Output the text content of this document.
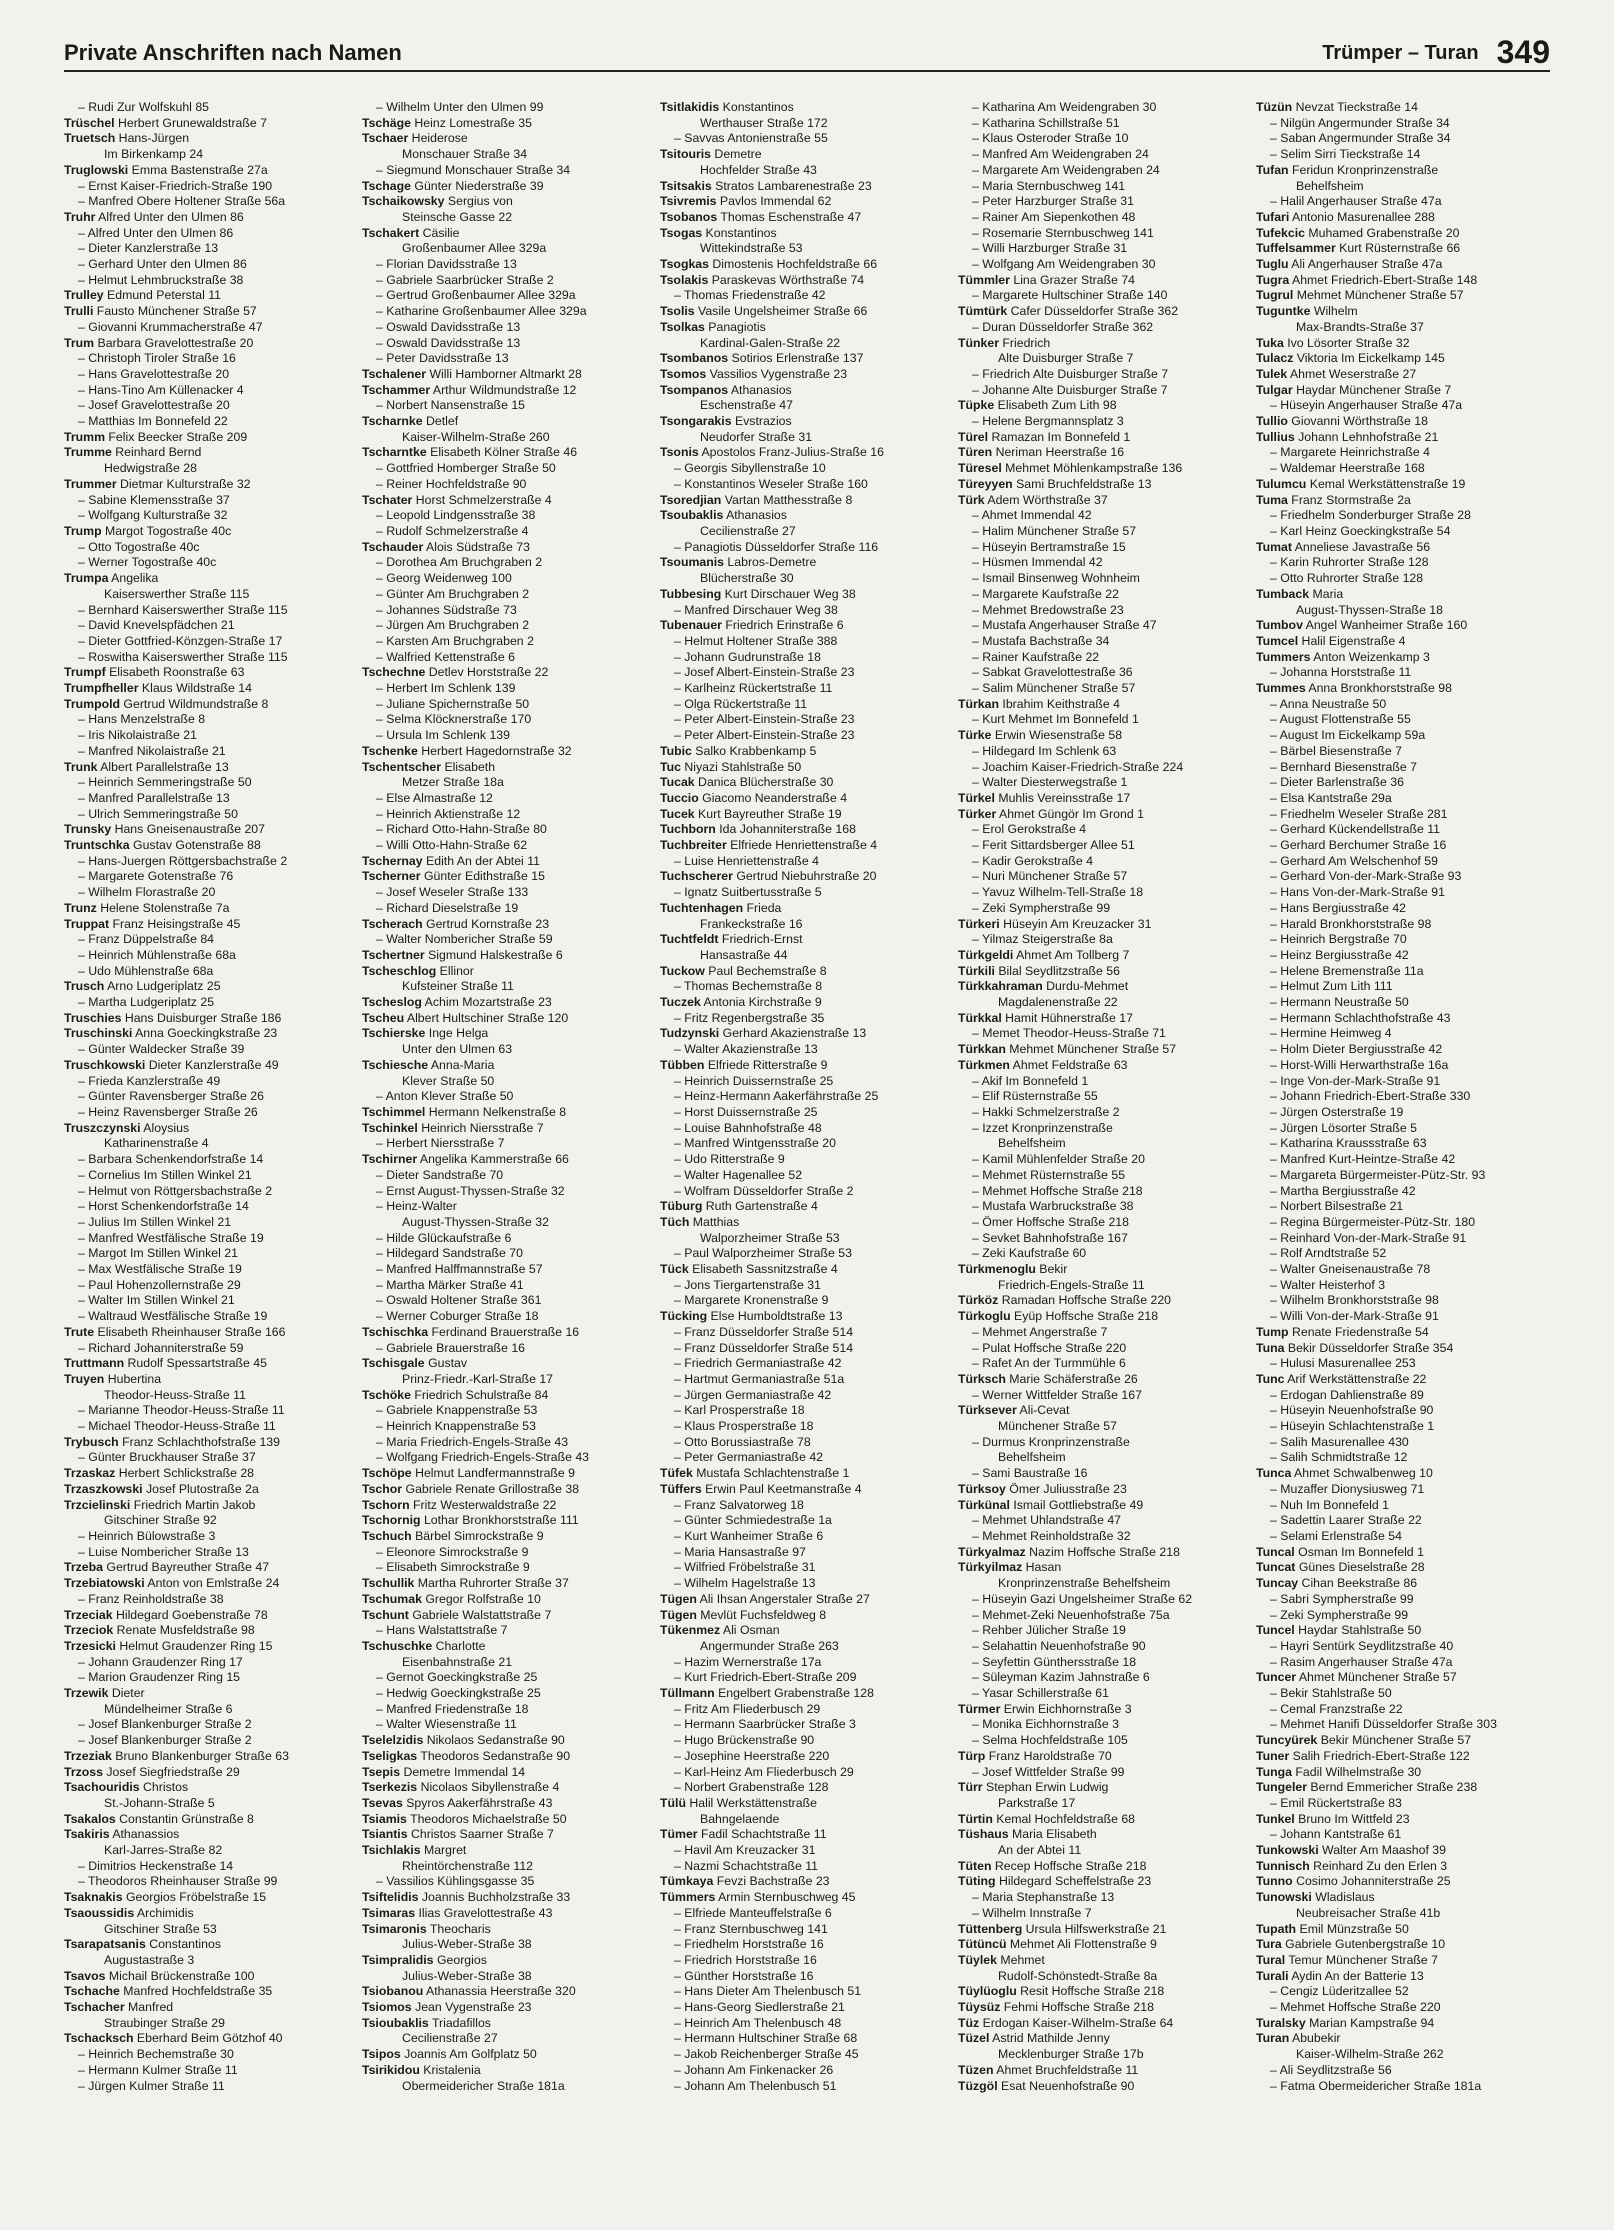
Private Anschriften nach Namen	Trümper – Turan 349
– Rudi Zur Wolfskuhl 85
Trüschel Herbert Grunewaldstraße 7
Truetsch Hans-Jürgen
Im Birkenkamp 24
Truglowski Emma Bastenstraße 27a
– Ernst Kaiser-Friedrich-Straße 190
– Manfred Obere Holtener Straße 56a
Truhr Alfred Unter den Ulmen 86
– Alfred Unter den Ulmen 86
– Dieter Kanzlerstraße 13
– Gerhard Unter den Ulmen 86
– Helmut Lehmbruckstraße 38
Trulley Edmund Peterstal 11
Trulli Fausto Münchener Straße 57
– Giovanni Krummacherstraße 47
Trum Barbara Gravelottestraße 20
– Christoph Tiroler Straße 16
– Hans Gravelottestraße 20
– Hans-Tino Am Küllenacker 4
– Josef Gravelottestraße 20
– Matthias Im Bonnefeld 22
Trumm Felix Beecker Straße 209
Trumme Reinhard Bernd
Hedwigstraße 28
Trummer Dietmar Kulturstraße 32
– Sabine Klemensstraße 37
– Wolfgang Kulturstraße 32
Trump Margot Togostraße 40c
– Otto Togostraße 40c
– Werner Togostraße 40c
Trumpa Angelika
Kaiserswerther Straße 115
– Bernhard Kaiserswerther Straße 115
– David Knevelspfädchen 21
– Dieter Gottfried-Könzgen-Straße 17
– Roswitha Kaiserswerther Straße 115
Trumpf Elisabeth Roonstraße 63
Trumpfheller Klaus Wildstraße 14
Trumpold Gertrud Wildmundstraße 8
– Hans Menzelstraße 8
– Iris Nikolaistraße 21
– Manfred Nikolaistraße 21
Trunk Albert Parallelstraße 13
– Heinrich Semmeringstraße 50
– Manfred Parallelstraße 13
– Ulrich Semmeringstraße 50
Trunsky Hans Gneisenaustraße 207
Truntschka Gustav Gotenstraße 88
– Hans-Juergen Röttgersbachstraße 2
– Margarete Gotenstraße 76
– Wilhelm Florastraße 20
Trunz Helene Stolenstraße 7a
Truppat Franz Heisingstraße 45
– Franz Düppelstraße 84
– Heinrich Mühlenstraße 68a
– Udo Mühlenstraße 68a
Trusch Arno Ludgeriplatz 25
– Martha Ludgeriplatz 25
Truschies Hans Duisburger Straße 186
Truschinski Anna Goeckingkstraße 23
– Günter Waldecker Straße 39
Truschkowski Dieter Kanzlerstraße 49
– Frieda Kanzlerstraße 49
– Günter Ravensberger Straße 26
– Heinz Ravensberger Straße 26
Truszczynski Aloysius
Katharinenstraße 4
– Barbara Schenkendorfstraße 14
– Cornelius Im Stillen Winkel 21
– Helmut von Röttgersbachstraße 2
– Horst Schenkendorfstraße 14
– Julius Im Stillen Winkel 21
– Manfred Westfälische Straße 19
– Margot Im Stillen Winkel 21
– Max Westfälische Straße 19
– Paul Hohenzollernstraße 29
– Walter Im Stillen Winkel 21
– Waltraud Westfälische Straße 19
Trute Elisabeth Rheinhauser Straße 166
– Richard Johanniterstraße 59
Truttmann Rudolf Spessartstraße 45
Truyen Hubertina
Theodor-Heuss-Straße 11
– Marianne Theodor-Heuss-Straße 11
– Michael Theodor-Heuss-Straße 11
Trybusch Franz Schlachthofstraße 139
– Günter Bruckhauser Straße 37
Trzaskaz Herbert Schlickstraße 28
Trzaszkowski Josef Plutostraße 2a
Trzcielinski Friedrich Martin Jakob
Gitschiner Straße 92
– Heinrich Bülowstraße 3
– Luise Nombericher Straße 13
Trzeba Gertrud Bayreuther Straße 47
Trzebiatowski Anton von Emlstraße 24
– Franz Reinholdstraße 38
Trzeciak Hildegard Goebenstraße 78
Trzeciok Renate Musfeldstraße 98
Trzesicki Helmut Graudenzer Ring 15
– Johann Graudenzer Ring 17
– Marion Graudenzer Ring 15
Trzewik Dieter
Mündelheimer Straße 6
– Josef Blankenburger Straße 2
– Josef Blankenburger Straße 2
Trzeziak Bruno Blankenburger Straße 63
Trzoss Josef Siegfriedstraße 29
Tsachouridis Christos
St.-Johann-Straße 5
Tsakalos Constantin Grünstraße 8
Tsakiris Athanassios
Karl-Jarres-Straße 82
– Dimitrios Heckenstraße 14
– Theodoros Rheinhauser Straße 99
Tsaknakis Georgios Fröbelstraße 15
Tsaoussidis Archimidis
Gitschiner Straße 53
Tsarapatsanis Constantinos
Augustastraße 3
Tsavos Michail Brückenstraße 100
Tschache Manfred Hochfeldstraße 35
Tschacher Manfred
Straubinger Straße 29
Tschacksch Eberhard Beim Götzhof 40
– Heinrich Bechemstraße 30
– Hermann Kulmer Straße 11
– Jürgen Kulmer Straße 11
– Wilhelm Unter den Ulmen 99
Tschäge Heinz Lomestraße 35
Tschaer Heiderose
Monschauer Straße 34
– Siegmund Monschauer Straße 34
Tschage Günter Niederstraße 39
Tschaikowsky Sergius von
Steinsche Gasse 22
Tschakert Cäsilie
Großenbaumer Allee 329a
– Florian Davidsstraße 13
– Gabriele Saarbrücker Straße 2
– Gertrud Großenbaumer Allee 329a
– Katharine Großenbaumer Allee 329a
– Oswald Davidsstraße 13
– Oswald Davidsstraße 13
– Peter Davidsstraße 13
Tschalener Willi Hamborner Altmarkt 28
Tschammer Arthur Wildmundstraße 12
– Norbert Nansenstraße 15
Tscharnke Detlef
Kaiser-Wilhelm-Straße 260
Tscharntke Elisabeth Kölner Straße 46
– Gottfried Homberger Straße 50
– Reiner Hochfeldstraße 90
Tschater Horst Schmelzerstraße 4
– Leopold Lindgensstraße 38
– Rudolf Schmelzerstraße 4
Tschauder Alois Südstraße 73
– Dorothea Am Bruchgraben 2
– Georg Weidenweg 100
– Günter Am Bruchgraben 2
– Johannes Südstraße 73
– Jürgen Am Bruchgraben 2
– Karsten Am Bruchgraben 2
– Walfried Kettenstraße 6
Tschechne Detlev Horststraße 22
– Herbert Im Schlenk 139
– Juliane Spichernstraße 50
– Selma Klöcknerstraße 170
– Ursula Im Schlenk 139
Tschenke Herbert Hagedornstraße 32
Tschentscher Elisabeth
Metzer Straße 18a
– Else Almastraße 12
– Heinrich Aktienstraße 12
– Richard Otto-Hahn-Straße 80
– Willi Otto-Hahn-Straße 62
Tschernay Edith An der Abtei 11
Tscherner Günter Edithstraße 15
– Josef Weseler Straße 133
– Richard Dieselstraße 19
Tscherach Gertrud Kornstraße 23
– Walter Nombericher Straße 59
Tschertner Sigmund Halskestraße 6
Tscheschlog Ellinor
Kufsteiner Straße 11
Tscheslog Achim Mozartstraße 23
Tscheu Albert Hultschiner Straße 120
Tschierske Inge Helga
Unter den Ulmen 63
Tschiesche Anna-Maria
Klever Straße 50
– Anton Klever Straße 50
Tschimmel Hermann Nelkenstraße 8
Tschinkel Heinrich Niersstraße 7
– Herbert Niersstraße 7
Tschirner Angelika Kammerstraße 66
– Dieter Sandstraße 70
– Ernst August-Thyssen-Straße 32
– Heinz-Walter
August-Thyssen-Straße 32
– Hilde Glückaufstraße 6
– Hildegard Sandstraße 70
– Manfred Halffmannstraße 57
– Martha Märker Straße 41
– Oswald Holtener Straße 361
– Werner Coburger Straße 18
Tschischka Ferdinand Brauerstraße 16
– Gabriele Brauerstraße 16
Tschisgale Gustav
Prinz-Friedr.-Karl-Straße 17
Tschöke Friedrich Schulstraße 84
– Gabriele Knappenstraße 53
– Heinrich Knappenstraße 53
– Maria Friedrich-Engels-Straße 43
– Wolfgang Friedrich-Engels-Straße 43
Tschöpe Helmut Landfermannstraße 9
Tschor Gabriele Renate Grillostraße 38
Tschorn Fritz Westerwaldstraße 22
Tschornig Lothar Bronkhorststraße 111
Tschuch Bärbel Simrockstraße 9
– Eleonore Simrockstraße 9
– Elisabeth Simrockstraße 9
Tschullik Martha Ruhrorter Straße 37
Tschumak Gregor Rolfstraße 10
Tschunt Gabriele Walstattstraße 7
– Hans Walstattstraße 7
Tschuschke Charlotte
Eisenbahnstraße 21
– Gernot Goeckingkstraße 25
– Hedwig Goeckingkstraße 25
– Manfred Friedenstraße 18
– Walter Wiesenstraße 11
Tselelzidis Nikolaos Sedanstraße 90
Tseligkas Theodoros Sedanstraße 90
Tsepis Demetre Immendal 14
Tserkezis Nicolaos Sibyllenstraße 4
Tsevas Spyros Aakerfährstraße 43
Tsiamis Theodoros Michaelstraße 50
Tsiantis Christos Saarner Straße 7
Tsichlakis Margret
Rheintörchenstraße 112
– Vassilios Kühlingsgasse 35
Tsiftelidis Joannis Buchholzstraße 33
Tsimaras Ilias Gravelottestraße 43
Tsimaronis Theocharis
Julius-Weber-Straße 38
Tsimpralidis Georgios
Julius-Weber-Straße 38
Tsiobanou Athanassia Heerstraße 320
Tsiomos Jean Vygenstraße 23
Tsioubaklis Triadafillos
Cecilienstraße 27
Tsipos Joannis Am Golfplatz 50
Tsirikidou Kristalenia
Obermeidericher Straße 181a
Tsitlakidis Konstantinos
Werthauser Straße 172
– Savvas Antonienstraße 55
Tsitouris Demetre
Hochfelder Straße 43
Tsitsakis Stratos Lambarenestraße 23
Tsivremis Pavlos Immendal 62
Tsobanos Thomas Eschenstraße 47
Tsogas Konstantinos
Wittekindstraße 53
Tsogkas Dimostenis Hochfeldstraße 66
Tsolakis Paraskevas Wörthstraße 74
– Thomas Friedenstraße 42
Tsolis Vasile Ungelsheimer Straße 66
Tsolkas Panagiotis
Kardinal-Galen-Straße 22
Tsombanos Sotirios Erlenstraße 137
Tsomos Vassilios Vygenstraße 23
Tsompanos Athanasios
Eschenstraße 47
Tsongarakis Evstrazios
Neudorfer Straße 31
Tsonis Apostolos Franz-Julius-Straße 16
– Georgis Sibyllenstraße 10
– Konstantinos Weseler Straße 160
Tsoredjian Vartan Matthesstraße 8
Tsoubaklis Athanasios
Cecilienstraße 27
– Panagiotis Düsseldorfer Straße 116
Tsoumanis Labros-Demetre
Blücherstraße 30
Tubbesing Kurt Dirschauer Weg 38
– Manfred Dirschauer Weg 38
Tubenauer Friedrich Erinstraße 6
– Helmut Holtener Straße 388
– Johann Gudrunstraße 18
– Josef Albert-Einstein-Straße 23
– Karlheinz Rückertstraße 11
– Olga Rückertstraße 11
– Peter Albert-Einstein-Straße 23
– Peter Albert-Einstein-Straße 23
Tubic Salko Krabbenkamp 5
Tuc Niyazi Stahlstraße 50
Tucak Danica Blücherstraße 30
Tuccio Giacomo Neanderstraße 4
Tucek Kurt Bayreuther Straße 19
Tuchborn Ida Johanniterstraße 168
Tuchbreiter Elfriede Henriettenstraße 4
– Luise Henriettenstraße 4
Tuchscherer Gertrud Niebuhrstraße 20
– Ignatz Suitbertusstraße 5
Tuchtenhagen Frieda
Frankeckstraße 16
Tuchtfeldt Friedrich-Ernst
Hansastraße 44
Tuckow Paul Bechemstraße 8
– Thomas Bechemstraße 8
Tuczek Antonia Kirchstraße 9
– Fritz Regenbergstraße 35
Tudzynski Gerhard Akazienstraße 13
– Walter Akazienstraße 13
Tübben Elfriede Ritterstraße 9
– Heinrich Duissernstraße 25
– Heinz-Hermann Aakerfährstraße 25
– Horst Duissernstraße 25
– Louise Bahnhofstraße 48
– Manfred Wintgensstraße 20
– Udo Ritterstraße 9
– Walter Hagenallee 52
– Wolfram Düsseldorfer Straße 2
Tüburg Ruth Gartenstraße 4
Tüch Matthias
Walporzheimer Straße 53
– Paul Walporzheimer Straße 53
Tück Elisabeth Sassnitzstraße 4
– Jons Tiergartenstraße 31
– Margarete Kronenstraße 9
Tücking Else Humboldtstraße 13
– Franz Düsseldorfer Straße 514
– Franz Düsseldorfer Straße 514
– Friedrich Germaniastraße 42
– Hartmut Germaniastraße 51a
– Jürgen Germaniastraße 42
– Karl Prosperstraße 18
– Klaus Prosperstraße 18
– Otto Borussiastraße 78
– Peter Germaniastraße 42
Tüfek Mustafa Schlachtenstraße 1
Tüffers Erwin Paul Keetmanstraße 4
– Franz Salvatorweg 18
– Günter Schmiedestraße 1a
– Kurt Wanheimer Straße 6
– Maria Hansastraße 97
– Wilfried Fröbelstraße 31
– Wilhelm Hagelstraße 13
Tügen Ali Ihsan Angerstaler Straße 27
Tügen Mevlüt Fuchsfeldweg 8
Tükenmez Ali Osman
Angermunder Straße 263
– Hazim Wernerstraße 17a
– Kurt Friedrich-Ebert-Straße 209
Tüllmann Engelbert Grabenstraße 128
– Fritz Am Fliederbusch 29
– Hermann Saarbrücker Straße 3
– Hugo Brückenstraße 90
– Josephine Heerstraße 220
– Karl-Heinz Am Fliederbusch 29
– Norbert Grabenstraße 128
Tülü Halil Werkstättenstraße
Bahngelaende
Tümer Fadil Schachtstraße 11
– Havil Am Kreuzacker 31
– Nazmi Schachtstraße 11
Tümkaya Fevzi Bachstraße 23
Tümmers Armin Sternbuschweg 45
– Elfriede Manteuffelstraße 6
– Franz Sternbuschweg 141
– Friedhelm Horststraße 16
– Friedrich Horststraße 16
– Günther Horststraße 16
– Hans Dieter Am Thelenbusch 51
– Hans-Georg Siedlerstraße 21
– Heinrich Am Thelenbusch 48
– Hermann Hultschiner Straße 68
– Jakob Reichenberger Straße 45
– Johann Am Finkenacker 26
– Johann Am Thelenbusch 51
– Katharina Am Weidengraben 30
– Katharina Schillstraße 51
– Klaus Osteroder Straße 10
– Manfred Am Weidengraben 24
– Margarete Am Weidengraben 24
– Maria Sternbuschweg 141
– Peter Harzburger Straße 31
– Rainer Am Siepenkothen 48
– Rosemarie Sternbuschweg 141
– Willi Harzburger Straße 31
– Wolfgang Am Weidengraben 30
Tümmler Lina Grazer Straße 74
– Margarete Hultschiner Straße 140
Tümtürk Cafer Düsseldorfer Straße 362
– Duran Düsseldorfer Straße 362
Tünker Friedrich
Alte Duisburger Straße 7
– Friedrich Alte Duisburger Straße 7
– Johanne Alte Duisburger Straße 7
Tüpke Elisabeth Zum Lith 98
– Helene Bergmannsplatz 3
Türel Ramazan Im Bonnefeld 1
Türen Neriman Heerstraße 16
Türesel Mehmet Möhlenkampstraße 136
Türeyyen Sami Bruchfeldstraße 13
Türk Adem Wörthstraße 37
– Ahmet Immendal 42
– Halim Münchener Straße 57
– Hüseyin Bertramstraße 15
– Hüsmen Immendal 42
– Ismail Binsenweg Wohnheim
– Margarete Kaufstraße 22
– Mehmet Bredowstraße 23
– Mustafa Angerhauser Straße 47
– Mustafa Bachstraße 34
– Rainer Kaufstraße 22
– Sabkat Gravelottestraße 36
– Salim Münchener Straße 57
Türkan Ibrahim Keithstraße 4
– Kurt Mehmet Im Bonnefeld 1
Türke Erwin Wiesenstraße 58
– Hildegard Im Schlenk 63
– Joachim Kaiser-Friedrich-Straße 224
– Walter Diesterwegstraße 1
Türkel Muhlis Vereinsstraße 17
Türker Ahmet Güngör Im Grond 1
– Erol Gerokstraße 4
– Ferit Sittardsberger Allee 51
– Kadir Gerokstraße 4
– Nuri Münchener Straße 57
– Yavuz Wilhelm-Tell-Straße 18
– Zeki Sympherstraße 99
Türkeri Hüseyin Am Kreuzacker 31
– Yilmaz Steigerstraße 8a
Türkgeldi Ahmet Am Tollberg 7
Türkili Bilal Seydlitzstraße 56
Türkkahraman Durdu-Mehmet
Magdalenenstraße 22
Türkkal Hamit Hühnerstraße 17
– Memet Theodor-Heuss-Straße 71
Türkkan Mehmet Münchener Straße 57
Türkmen Ahmet Feldstraße 63
– Akif Im Bonnefeld 1
– Elif Rüsternstraße 55
– Hakki Schmelzerstraße 2
– Izzet Kronprinzenstraße
Behelfsheim
– Kamil Mühlenfelder Straße 20
– Mehmet Rüsternstraße 55
– Mehmet Hoffsche Straße 218
– Mustafa Warbruckstraße 38
– Ömer Hoffsche Straße 218
– Sevket Bahnhofstraße 167
– Zeki Kaufstraße 60
Türkmenoglu Bekir
Friedrich-Engels-Straße 11
Türköz Ramadan Hoffsche Straße 220
Türkoglu Eyüp Hoffsche Straße 218
– Mehmet Angerstraße 7
– Pulat Hoffsche Straße 220
– Rafet An der Turmmühle 6
Türksch Marie Schäferstraße 26
– Werner Wittfelder Straße 167
Türksever Ali-Cevat
Münchener Straße 57
– Durmus Kronprinzenstraße
Behelfsheim
– Sami Baustraße 16
Türksoy Ömer Juliusstraße 23
Türkünal Ismail Gottliebstraße 49
– Mehmet Uhlandstraße 47
– Mehmet Reinholdstraße 32
Türkyalmaz Nazim Hoffsche Straße 218
Türkyilmaz Hasan
Kronprinzenstraße Behelfsheim
– Hüseyin Gazi Ungelsheimer Straße 62
– Mehmet-Zeki Neuenhofstraße 75a
– Rehber Jülicher Straße 19
– Selahattin Neuenhofstraße 90
– Seyfettin Günthersstraße 18
– Süleyman Kazim Jahnstraße 6
– Yasar Schillerstraße 61
Türmer Erwin Eichhornstraße 3
– Monika Eichhornstraße 3
– Selma Hochfeldstraße 105
Türp Franz Haroldstraße 70
– Josef Wittfelder Straße 99
Türr Stephan Erwin Ludwig
Parkstraße 17
Türtin Kemal Hochfeldstraße 68
Tüshaus Maria Elisabeth
An der Abtei 11
Tüten Recep Hoffsche Straße 218
Tüting Hildegard Scheffelstraße 23
– Maria Stephanstraße 13
– Wilhelm Innstraße 7
Tüttenberg Ursula Hilfswerkstraße 21
Tütüncü Mehmet Ali Flottenstraße 9
Tüylek Mehmet
Rudolf-Schönstedt-Straße 8a
Tüylüoglu Resit Hoffsche Straße 218
Tüysüz Fehmi Hoffsche Straße 218
Tüz Erdogan Kaiser-Wilhelm-Straße 64
Tüzel Astrid Mathilde Jenny
Mecklenburger Straße 17b
Tüzen Ahmet Bruchfeldstraße 11
Tüzgöl Esat Neuenhofstraße 90
Tüzün Nevzat Tieckstraße 14
– Nilgün Angermunder Straße 34
– Saban Angermunder Straße 34
– Selim Sirri Tieckstraße 14
Tufan Feridun Kronprinzenstraße
Behelfsheim
– Halil Angerhauser Straße 47a
Tufari Antonio Masurenallee 288
Tufekcic Muhamed Grabenstraße 20
Tuffelsammer Kurt Rüsternstraße 66
Tuglu Ali Angerhauser Straße 47a
Tugra Ahmet Friedrich-Ebert-Straße 148
Tugrul Mehmet Münchener Straße 57
Tuguntke Wilhelm
Max-Brandts-Straße 37
Tuka Ivo Lösorter Straße 32
Tulacz Viktoria Im Eickelkamp 145
Tulek Ahmet Weserstraße 27
Tulgar Haydar Münchener Straße 7
– Hüseyin Angerhauser Straße 47a
Tullio Giovanni Wörthstraße 18
Tullius Johann Lehnhofstraße 21
– Margarete Heinrichstraße 4
– Waldemar Heerstraße 168
Tulumcu Kemal Werkstättenstraße 19
Tuma Franz Stormstraße 2a
– Friedhelm Sonderburger Straße 28
– Karl Heinz Goeckingkstraße 54
Tumat Anneliese Javastraße 56
– Karin Ruhrorter Straße 128
– Otto Ruhrorter Straße 128
Tumback Maria
August-Thyssen-Straße 18
Tumbov Angel Wanheimer Straße 160
Tumcel Halil Eigenstraße 4
Tummers Anton Weizenkamp 3
– Johanna Horststraße 11
Tummes Anna Bronkhorststraße 98
– Anna Neustraße 50
– August Flottenstraße 55
– August Im Eickelkamp 59a
– Bärbel Biesenstraße 7
– Bernhard Biesenstraße 7
– Dieter Barlenstraße 36
– Elsa Kantstraße 29a
– Friedhelm Weseler Straße 281
– Gerhard Kückendellstraße 11
– Gerhard Berchumer Straße 16
– Gerhard Am Welschenhof 59
– Gerhard Von-der-Mark-Straße 93
– Hans Von-der-Mark-Straße 91
– Hans Bergiusstraße 42
– Harald Bronkhorststraße 98
– Heinrich Bergstraße 70
– Heinz Bergiusstraße 42
– Helene Bremenstraße 11a
– Helmut Zum Lith 111
– Hermann Neustraße 50
– Hermann Schlachthofstraße 43
– Hermine Heimweg 4
– Holm Dieter Bergiusstraße 42
– Horst-Willi Herwarthstraße 16a
– Inge Von-der-Mark-Straße 91
– Johann Friedrich-Ebert-Straße 330
– Jürgen Osterstraße 19
– Jürgen Lösorter Straße 5
– Katharina Kraussstraße 63
– Manfred Kurt-Heintze-Straße 42
– Margareta Bürgermeister-Pütz-Str. 93
– Martha Bergiusstraße 42
– Norbert Bilsestraße 21
– Regina Bürgermeister-Pütz-Str. 180
– Reinhard Von-der-Mark-Straße 91
– Rolf Arndtstraße 52
– Walter Gneisenaustraße 78
– Walter Heisterhof 3
– Wilhelm Bronkhorststraße 98
– Willi Von-der-Mark-Straße 91
Tump Renate Friedenstraße 54
Tuna Bekir Düsseldorfer Straße 354
– Hulusi Masurenallee 253
Tunc Arif Werkstättenstraße 22
– Erdogan Dahlienstraße 89
– Hüseyin Neuenhofstraße 90
– Hüseyin Schlachtenstraße 1
– Salih Masurenallee 430
– Salih Schmidtstraße 12
Tunca Ahmet Schwalbenweg 10
– Muzaffer Dionysiusweg 71
– Nuh Im Bonnefeld 1
– Sadettin Laarer Straße 22
– Selami Erlenstraße 54
Tuncal Osman Im Bonnefeld 1
Tuncat Günes Dieselstraße 28
Tuncay Cihan Beekstraße 86
– Sabri Sympherstraße 99
– Zeki Sympherstraße 99
Tuncel Haydar Stahlstraße 50
– Hayri Sentürk Seydlitzstraße 40
– Rasim Angerhauser Straße 47a
Tuncer Ahmet Münchener Straße 57
– Bekir Stahlstraße 50
– Cemal Franzstraße 22
– Mehmet Hanifi Düsseldorfer Straße 303
Tuncyürek Bekir Münchener Straße 57
Tuner Salih Friedrich-Ebert-Straße 122
Tunga Fadil Wilhelmstraße 30
Tungeler Bernd Emmericher Straße 238
– Emil Rückertstraße 83
Tunkel Bruno Im Wittfeld 23
– Johann Kantstraße 61
Tunkowski Walter Am Maashof 39
Tunnisch Reinhard Zu den Erlen 3
Tunno Cosimo Johanniterstraße 25
Tunowski Wladislaus
Neubreisacher Straße 41b
Tupath Emil Münzstraße 50
Tura Gabriele Gutenbergstraße 10
Tural Temur Münchener Straße 7
Turali Aydin An der Batterie 13
– Cengiz Lüderitzallee 52
– Mehmet Hoffsche Straße 220
Turalsky Marian Kampstraße 94
Turan Abubekir
Kaiser-Wilhelm-Straße 262
– Ali Seydlitzstraße 56
– Fatma Obermeidericher Straße 181a
